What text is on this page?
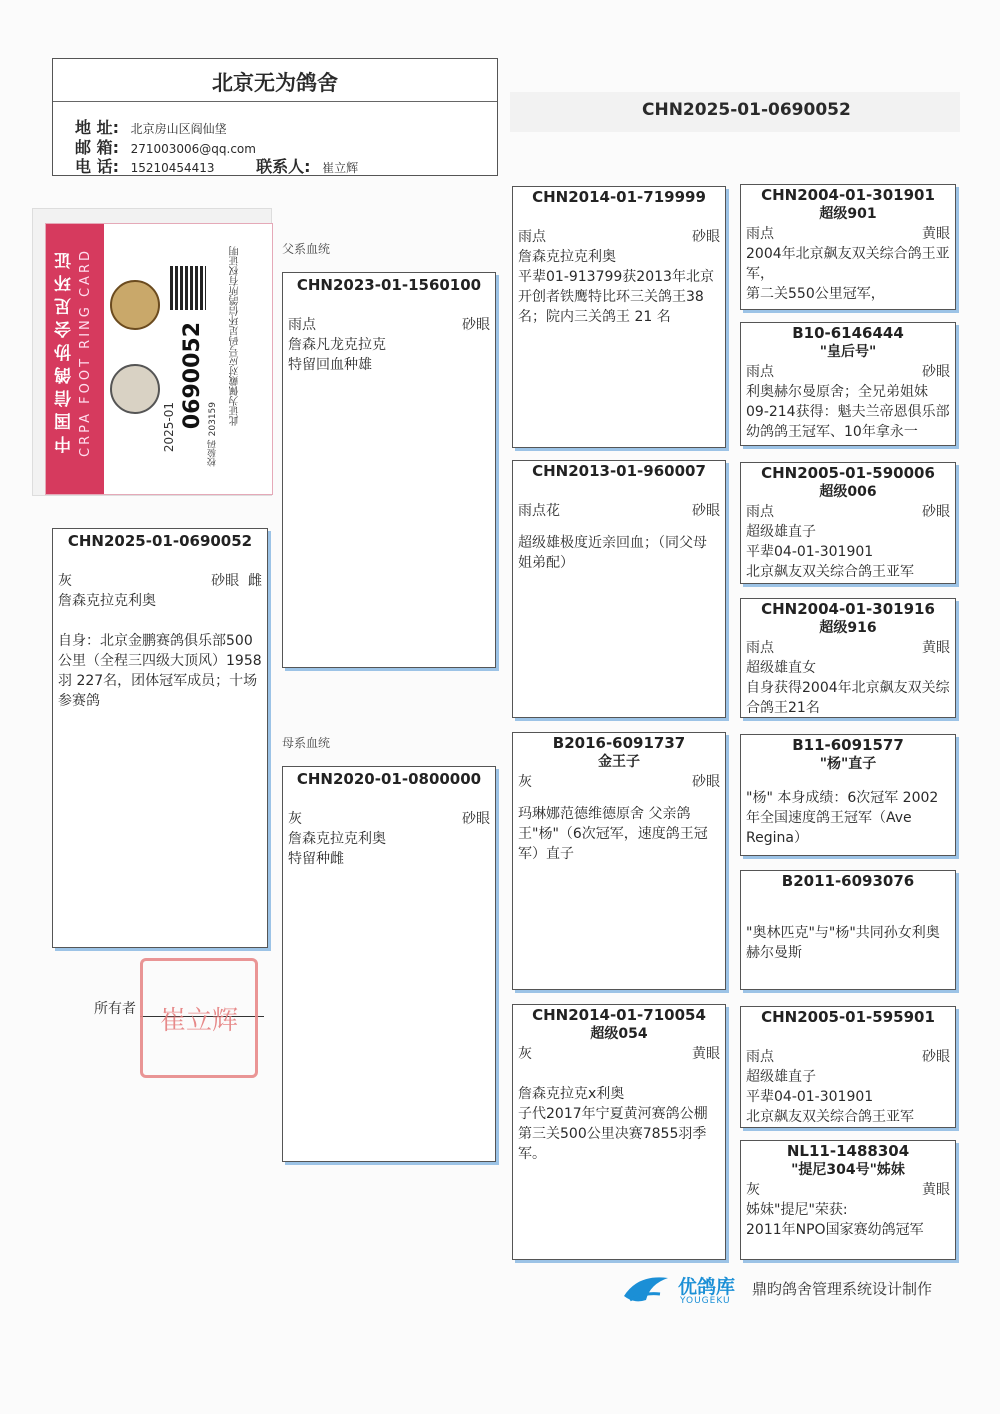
北京无为鸽舍
地 址: 北京房山区阎仙垡
邮 箱: 271003006@qq.com
电 话: 15210454413	联系人: 崔立辉
CHN2025-01-0690052
中国信鸽协会足环证 CRPA FOOT RING CARD	0690052
2025-01	校验码 203159
此证为佩戴对应号码足环信鸽所有权证明	父系血统
母系血统
CHN2025-01-0690052
灰	砂眼 雌
詹森克拉克利奥
自身：北京金鹏赛鸽俱乐部500公里（全程三四级大顶风）1958羽 227名，团体冠军成员；十场参赛鸽
所有者 崔立辉
CHN2023-01-1560100
雨点	砂眼
詹森凡龙克拉克
特留回血种雄
CHN2020-01-0800000
灰	砂眼
詹森克拉克利奥
特留种雌
CHN2014-01-719999
雨点	砂眼
詹森克拉克利奥
平辈01-913799获2013年北京开创者铁鹰特比环三关鸽王38名；院内三关鸽王 21 名
CHN2013-01-960007
雨点花	砂眼
超级雄极度近亲回血；（同父母姐弟配）
B2016-6091737
金王子
灰	砂眼
玛琳娜范德维德原舍 父亲鸽王"杨"（6次冠军，速度鸽王冠军）直子
CHN2014-01-710054
超级054
灰	黄眼
詹森克拉克x利奥
子代2017年宁夏黄河赛鸽公棚第三关500公里决赛7855羽季军。
CHN2004-01-301901
超级901
雨点	黄眼
2004年北京飙友双关综合鸽王亚军，
第二关550公里冠军，
B10-6146444
"皇后号"
雨点	砂眼
利奥赫尔曼原舍；全兄弟姐妹09-214获得：魁夫兰帝恩俱乐部幼鸽鸽王冠军、10年拿永一
CHN2005-01-590006
超级006
雨点	砂眼
超级雄直子
平辈04-01-301901
北京飙友双关综合鸽王亚军
CHN2004-01-301916
超级916
雨点	黄眼
超级雄直女
自身获得2004年北京飙友双关综合鸽王21名
B11-6091577
"杨"直子
"杨" 本身成绩：6次冠军 2002年全国速度鸽王冠军（Ave Regina）
B2011-6093076
"奥林匹克"与"杨"共同孙女利奥赫尔曼斯
CHN2005-01-595901
雨点	砂眼
超级雄直子
平辈04-01-301901
北京飙友双关综合鸽王亚军
NL11-1488304
"提尼304号"姊妹
灰	黄眼
姊妹"提尼"荣获:
2011年NPO国家赛幼鸽冠军
优鸽库
YOUGEKU
鼎昀鸽舍管理系统设计制作
